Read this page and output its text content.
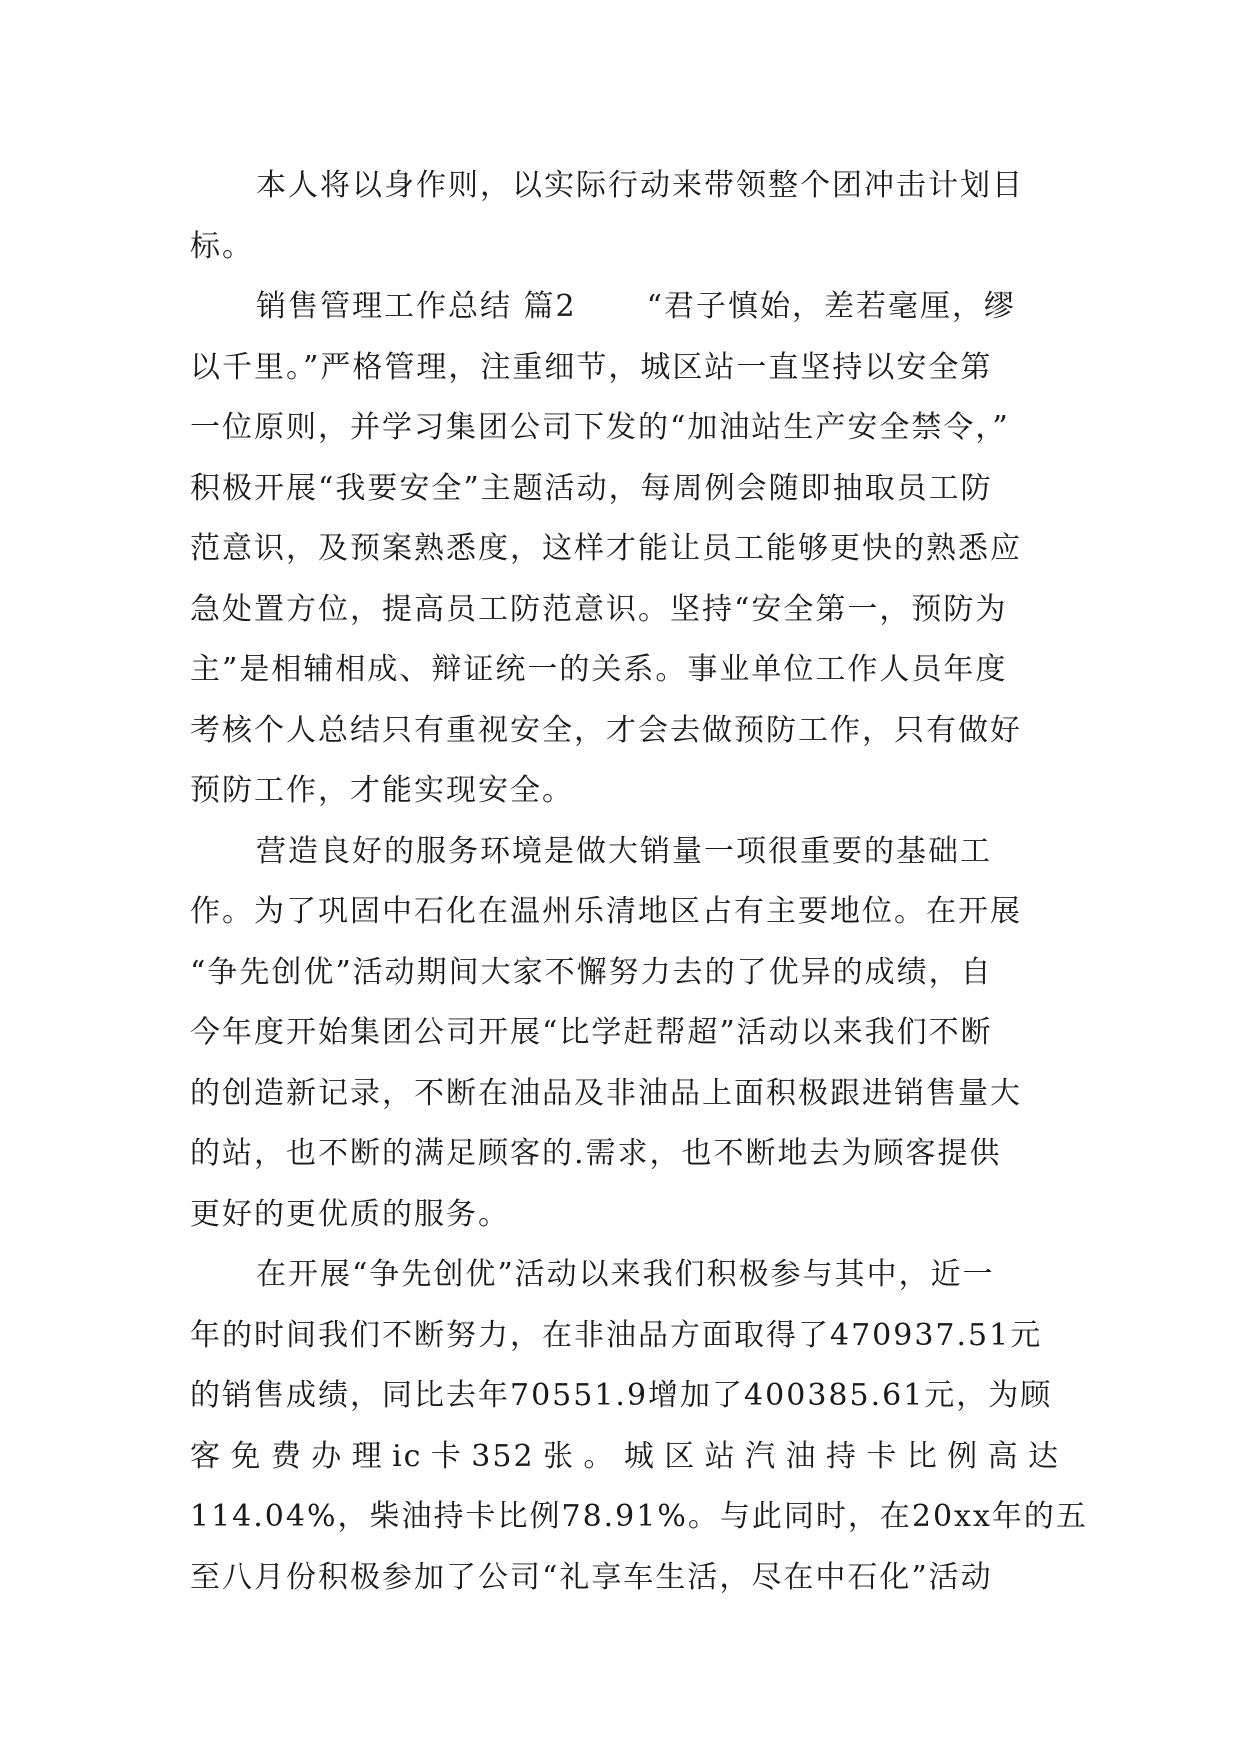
本人将以身作则，以实际行动来带领整个团冲击计划目
标。
销售管理工作总结 篇2 “君子慎始，差若毫厘，缪
以千里。”严格管理，注重细节，城区站一直坚持以安全第
一位原则，并学习集团公司下发的“加油站生产安全禁令，”
积极开展“我要安全”主题活动，每周例会随即抽取员工防
范意识，及预案熟悉度，这样才能让员工能够更快的熟悉应
急处置方位，提高员工防范意识。坚持“安全第一，预防为
主”是相辅相成、辩证统一的关系。事业单位工作人员年度
考核个人总结只有重视安全，才会去做预防工作，只有做好
预防工作，才能实现安全。
营造良好的服务环境是做大销量一项很重要的基础工
作。为了巩固中石化在温州乐清地区占有主要地位。在开展
“争先创优”活动期间大家不懈努力去的了优异的成绩，自
今年度开始集团公司开展“比学赶帮超”活动以来我们不断
的创造新记录，不断在油品及非油品上面积极跟进销售量大
的站，也不断的满足顾客的.需求，也不断地去为顾客提供
更好的更优质的服务。
在开展“争先创优”活动以来我们积极参与其中，近一
年的时间我们不断努力，在非油品方面取得了470937.51元
的销售成绩，同比去年70551.9增加了400385.61元，为顾
客免费办理ic卡352张。城区站汽油持卡比例高达
114.04%，柴油持卡比例78.91%。与此同时，在20xx年的五
至八月份积极参加了公司“礼享车生活，尽在中石化”活动
